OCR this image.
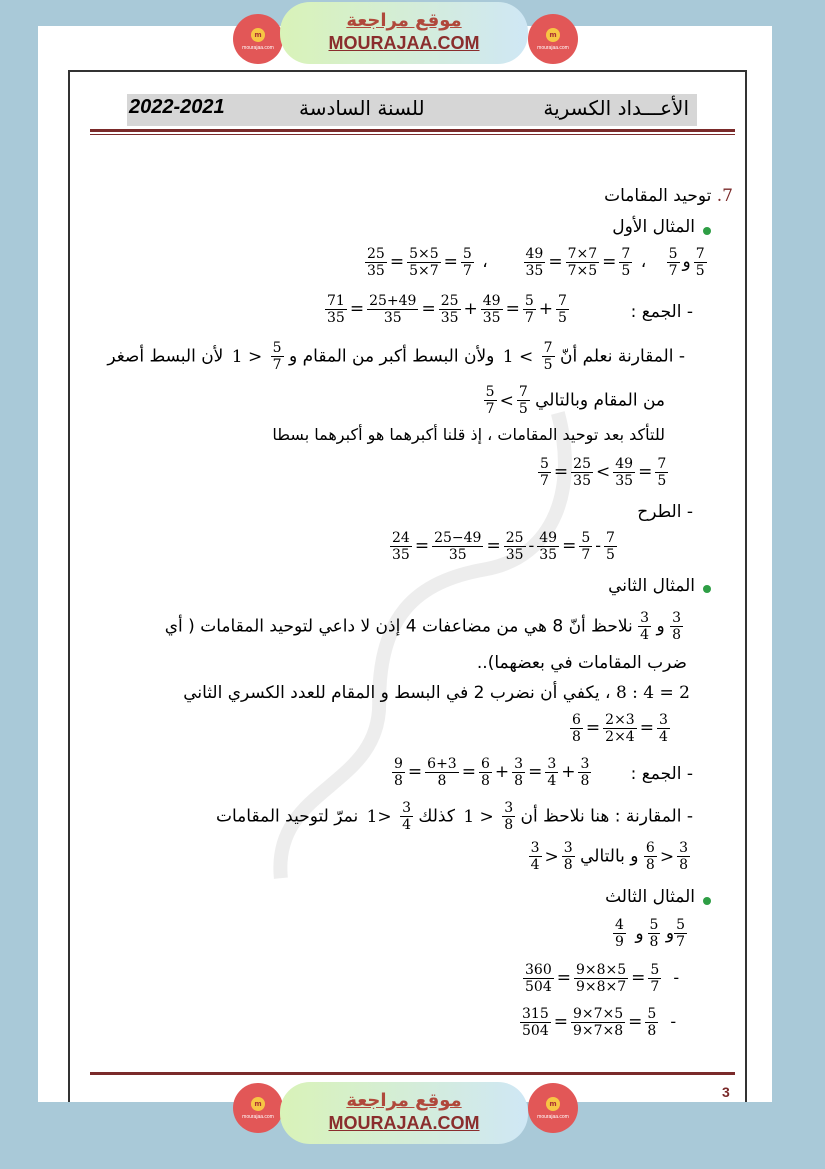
m
mourajaa.com
موقع مراجعة
MOURAJAA.COM	m
mourajaa.com
الأعـــداد الكسرية
للسنة السادسة
2022-2021
7. توحيد المقامات
المثال الأول
$\frac{25}{35} = \frac{5\times 5}{5\times 7} = \frac{5}{7}$ ،	$\frac{49}{35} = \frac{7\times 7}{7\times 5} = \frac{7}{5}$ ، $\frac{5}{7}$ و $\frac{7}{5}$
$\frac{71}{35} = \frac{25+49}{35} = \frac{25}{35} + \frac{49}{35} = \frac{5}{7} + \frac{7}{5}$	- الجمع :
- المقارنة نعلم أنّ
$\frac{7}{5}$
> 1 ولأن البسط أكبر من المقام و
$\frac{5}{7}$
< 1 لأن البسط أصغر
من المقام وبالتالي
$\frac{7}{5}$
>
$\frac{5}{7}$
للتأكد بعد توحيد المقامات ، إذ قلنا أكبرهما هو أكبرهما بسطا
$\frac{5}{7} = \frac{25}{35} < \frac{49}{35} = \frac{7}{5}$
- الطرح
$\frac{24}{35} = \frac{25-49}{35} = \frac{25}{35} - \frac{49}{35} = \frac{5}{7} - \frac{7}{5}$
المثال الثاني
$\frac{3}{8}$
و
$\frac{3}{4}$
نلاحظ أنّ 8 هي من مضاعفات 4 إذن لا داعي لتوحيد المقامات ( أي
ضرب المقامات في بعضهما)..
8 : 4 = 2 ، يكفي أن نضرب 2 في البسط و المقام للعدد الكسري الثاني
$\frac{6}{8} = \frac{2\times 3}{2\times 4} = \frac{3}{4}$
$\frac{9}{8} = \frac{6+3}{8} = \frac{6}{8} + \frac{3}{8} = \frac{3}{4} + \frac{3}{8}$ - الجمع :
- المقارنة : هنا نلاحظ أن
$\frac{3}{8}$
< 1 كذلك
$\frac{3}{4}$
<1 نمرّ لتوحيد المقامات
$\frac{3}{8}$
<
$\frac{6}{8}$
و بالتالي
$\frac{3}{8}$
<
$\frac{3}{4}$
المثال الثالث
$\frac{5}{7}$
و
$\frac{5}{8}$
و
$\frac{4}{9}$
$\frac{360}{504} = \frac{9\times 8\times 5}{9\times 8\times 7} = \frac{5}{7}$ -
$\frac{315}{504} = \frac{9\times 7\times 5}{9\times 7\times 8} = \frac{5}{8}$ -
3
m
mourajaa.com
موقع مراجعة
MOURAJAA.COM
m
mourajaa.com
